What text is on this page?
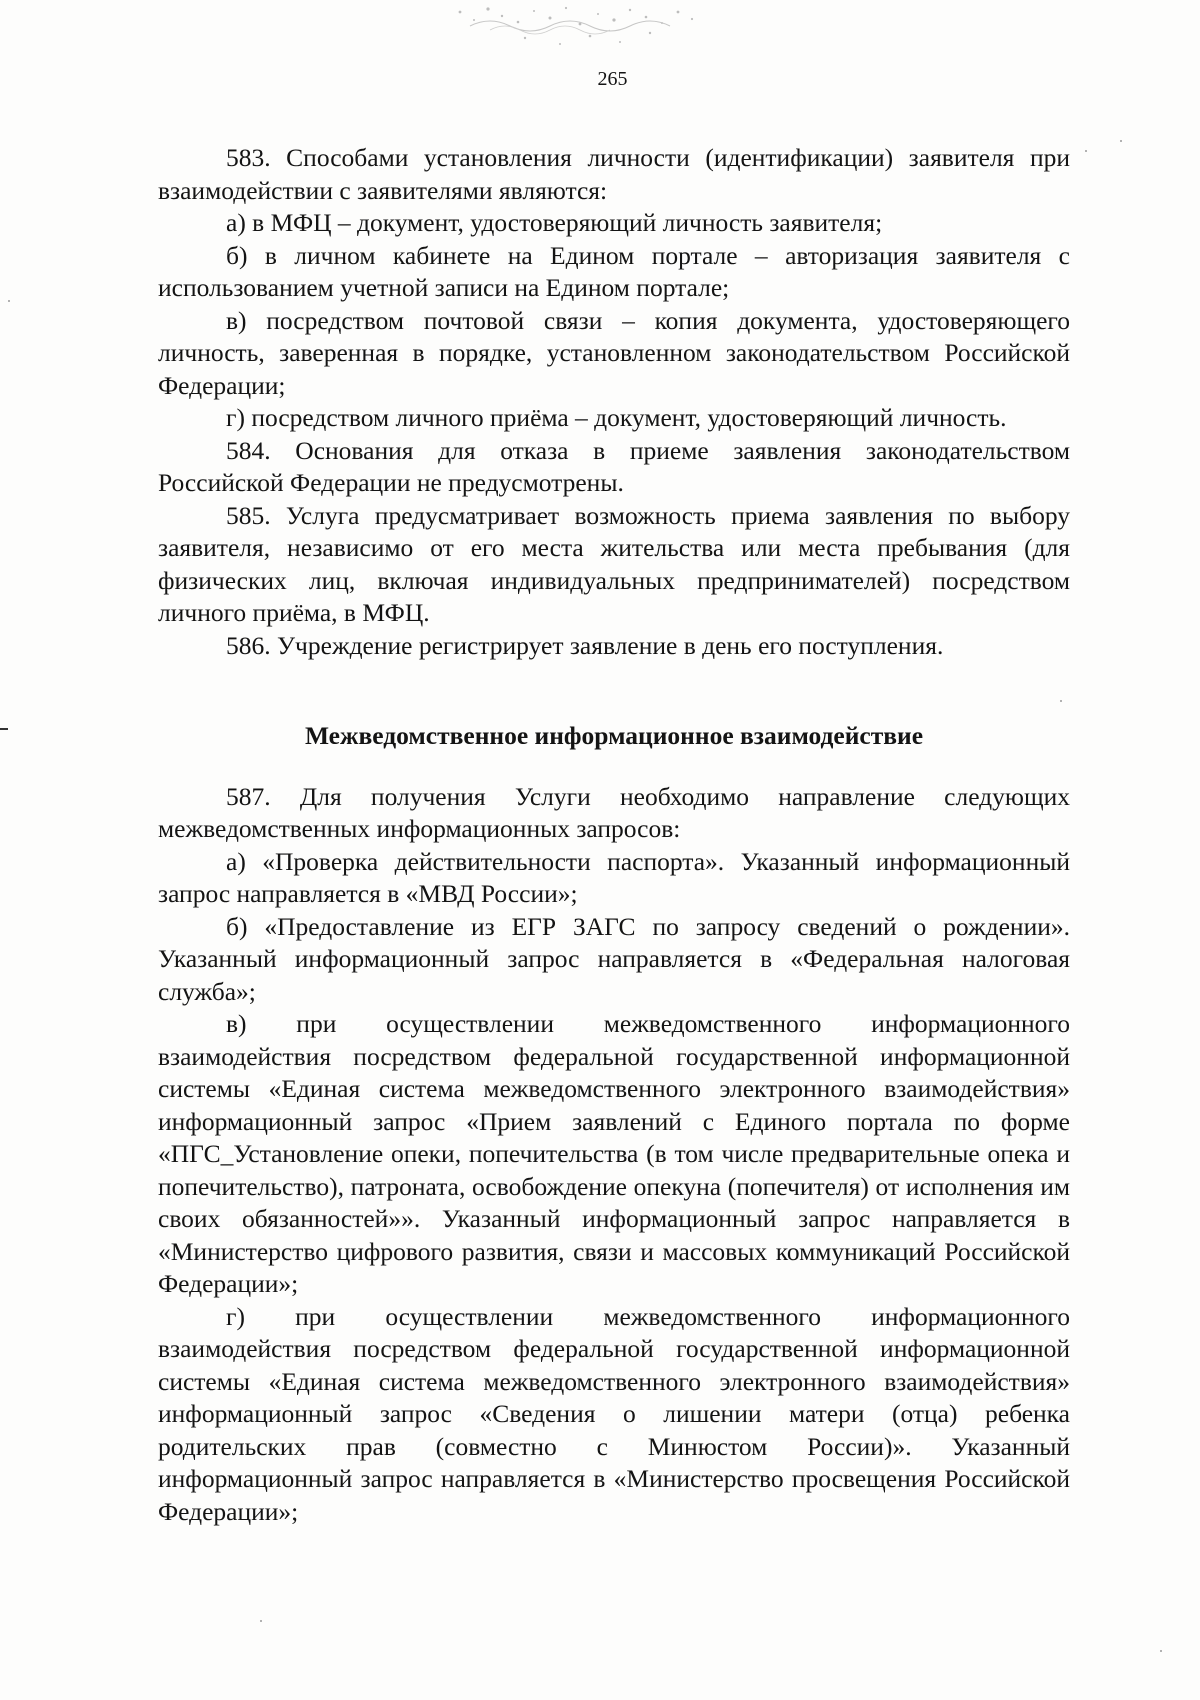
265

583. Способами установления личности (идентификации) заявителя при взаимодействии с заявителями являются:

а) в МФЦ – документ, удостоверяющий личность заявителя;

б) в личном кабинете на Едином портале – авторизация заявителя с использованием учетной записи на Едином портале;

в) посредством почтовой связи – копия документа, удостоверяющего личность, заверенная в порядке, установленном законодательством Российской Федерации;

г) посредством личного приёма – документ, удостоверяющий личность.

584. Основания для отказа в приеме заявления законодательством Российской Федерации не предусмотрены.

585. Услуга предусматривает возможность приема заявления по выбору заявителя, независимо от его места жительства или места пребывания (для физических лиц, включая индивидуальных предпринимателей) посредством личного приёма, в МФЦ.

586. Учреждение регистрирует заявление в день его поступления.

Межведомственное информационное взаимодействие

587. Для получения Услуги необходимо направление следующих межведомственных информационных запросов:

а) «Проверка действительности паспорта». Указанный информационный запрос направляется в «МВД России»;

б) «Предоставление из ЕГР ЗАГС по запросу сведений о рождении». Указанный информационный запрос направляется в «Федеральная налоговая служба»;

в) при осуществлении межведомственного информационного взаимодействия посредством федеральной государственной информационной системы «Единая система межведомственного электронного взаимодействия» информационный запрос «Прием заявлений с Единого портала по форме «ПГС_Установление опеки, попечительства (в том числе предварительные опека и попечительство), патроната, освобождение опекуна (попечителя) от исполнения им своих обязанностей»». Указанный информационный запрос направляется в «Министерство цифрового развития, связи и массовых коммуникаций Российской Федерации»;

г) при осуществлении межведомственного информационного взаимодействия посредством федеральной государственной информационной системы «Единая система межведомственного электронного взаимодействия» информационный запрос «Сведения о лишении матери (отца) ребенка родительских прав (совместно с Минюстом России)». Указанный информационный запрос направляется в «Министерство просвещения Российской Федерации»;
